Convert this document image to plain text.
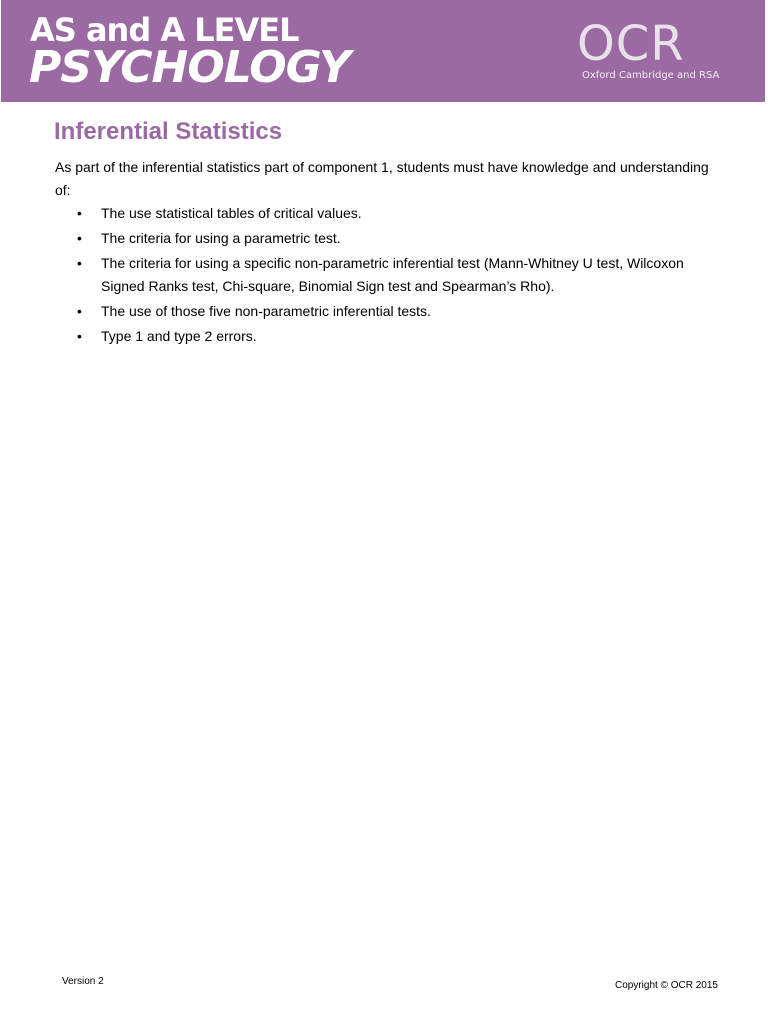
AS and A LEVEL
PSYCHOLOGY	OCR
Oxford Cambridge and RSA
Inferential Statistics

As part of the inferential statistics part of component 1, students must have knowledge and understanding of:

• The use statistical tables of critical values.
• The criteria for using a parametric test.
• The criteria for using a specific non-parametric inferential test (Mann-Whitney U test, Wilcoxon Signed Ranks test, Chi-square, Binomial Sign test and Spearman’s Rho).
• The use of those five non-parametric inferential tests.
• Type 1 and type 2 errors.
Version 2	Copyright © OCR 2015
